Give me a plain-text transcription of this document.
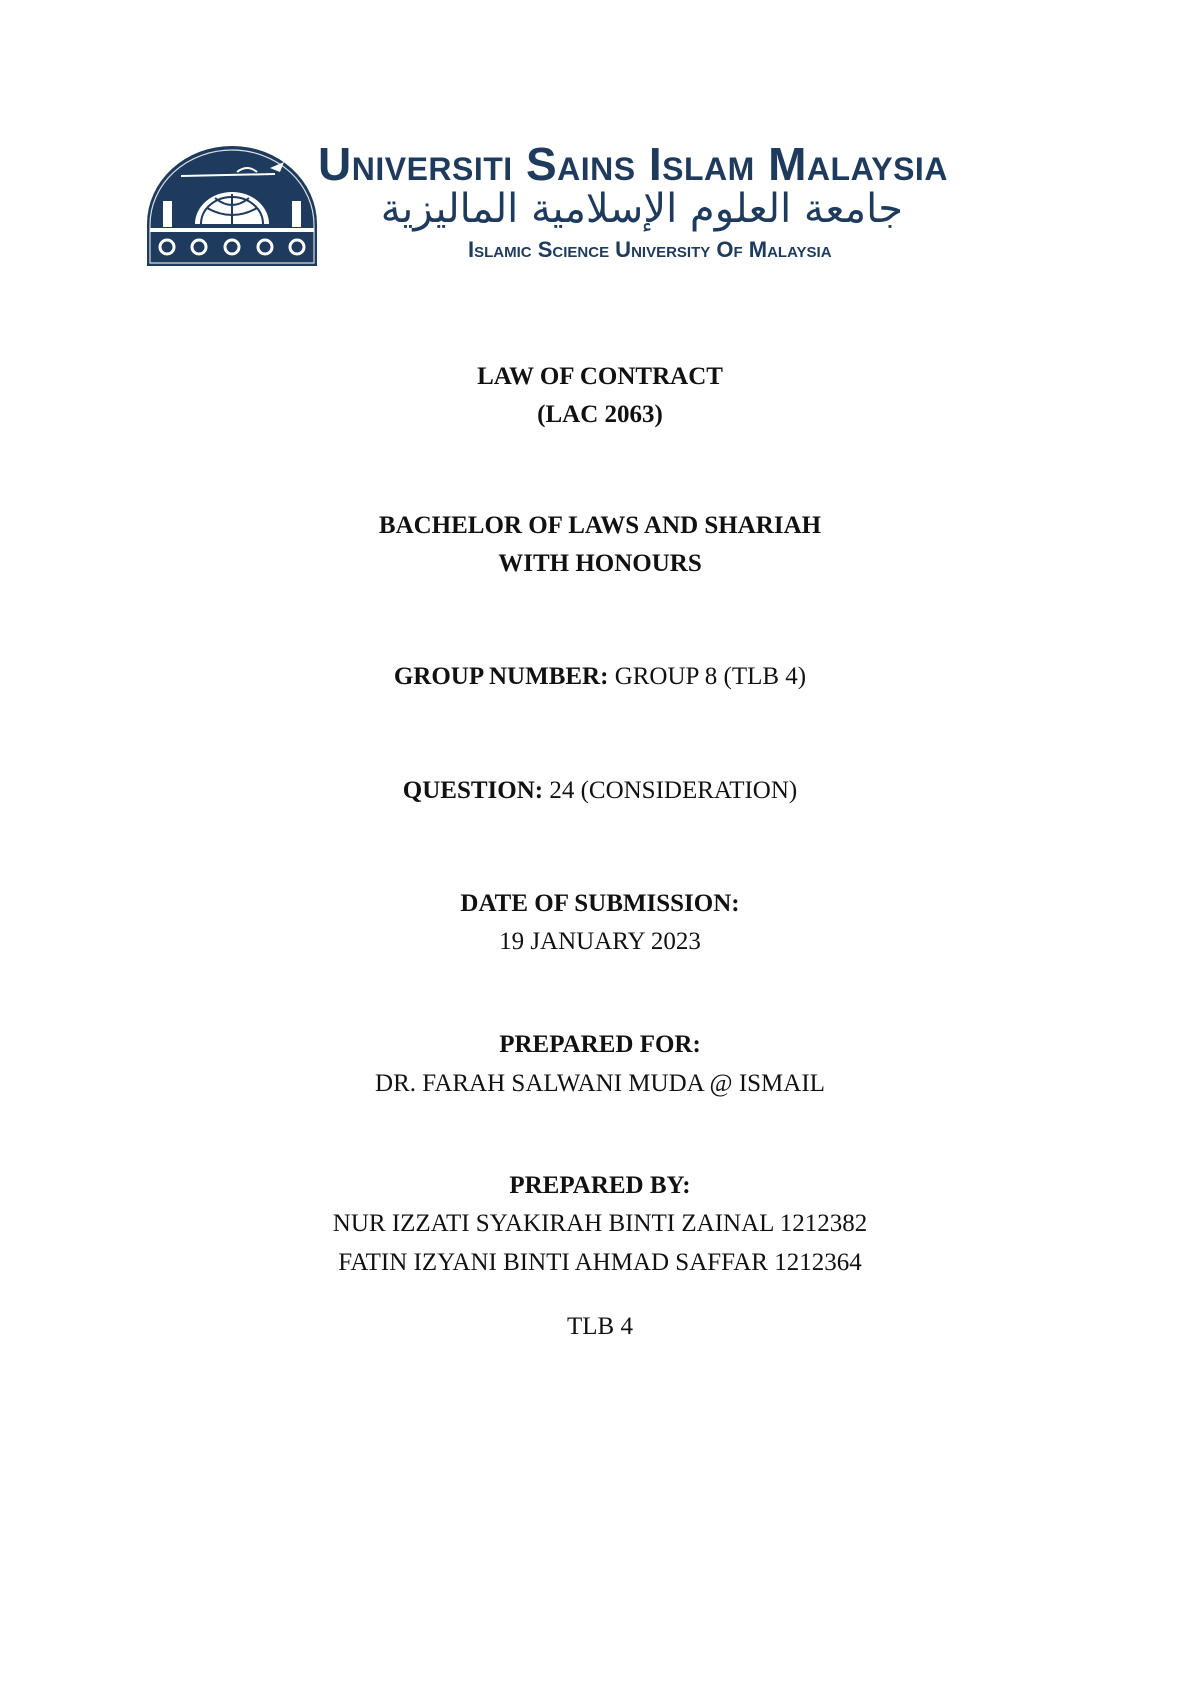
Universiti Sains Islam Malaysia
جامعة العلوم الإسلامية الماليزية
Islamic Science University Of Malaysia
LAW OF CONTRACT
(LAC 2063)
BACHELOR OF LAWS AND SHARIAH
WITH HONOURS
GROUP NUMBER: GROUP 8 (TLB 4)
QUESTION: 24 (CONSIDERATION)
DATE OF SUBMISSION:
19 JANUARY 2023
PREPARED FOR:
DR. FARAH SALWANI MUDA @ ISMAIL
PREPARED BY:
NUR IZZATI SYAKIRAH BINTI ZAINAL 1212382
FATIN IZYANI BINTI AHMAD SAFFAR 1212364
TLB 4
